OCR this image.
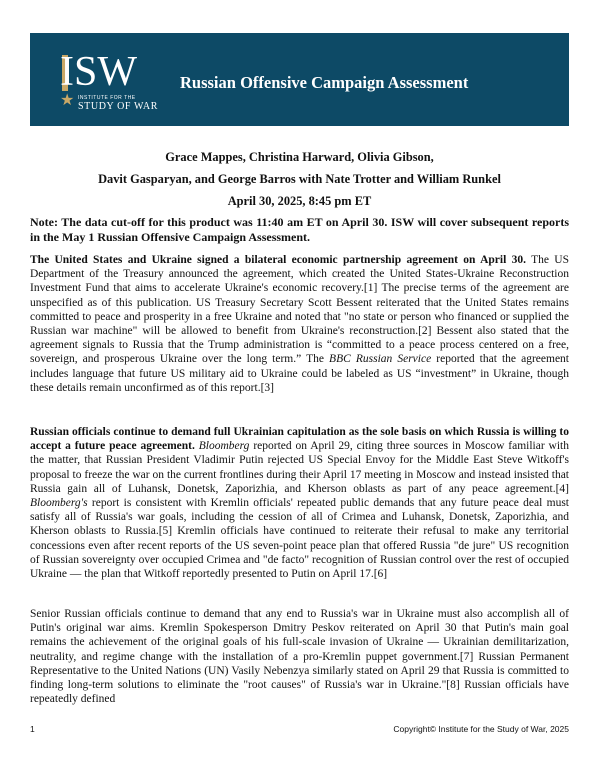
ISW
★ INSTITUTE FOR THE
STUDY OF WAR
Russian Offensive Campaign Assessment
Grace Mappes, Christina Harward, Olivia Gibson,
Davit Gasparyan, and George Barros with Nate Trotter and William Runkel
April 30, 2025, 8:45 pm ET
Note: The data cut-off for this product was 11:40 am ET on April 30. ISW will cover subsequent reports in the May 1 Russian Offensive Campaign Assessment.
The United States and Ukraine signed a bilateral economic partnership agreement on April 30. The US Department of the Treasury announced the agreement, which created the United States-Ukraine Reconstruction Investment Fund that aims to accelerate Ukraine's economic recovery.[1] The precise terms of the agreement are unspecified as of this publication. US Treasury Secretary Scott Bessent reiterated that the United States remains committed to peace and prosperity in a free Ukraine and noted that "no state or person who financed or supplied the Russian war machine" will be allowed to benefit from Ukraine's reconstruction.[2] Bessent also stated that the agreement signals to Russia that the Trump administration is “committed to a peace process centered on a free, sovereign, and prosperous Ukraine over the long term.” The BBC Russian Service reported that the agreement includes language that future US military aid to Ukraine could be labeled as US “investment” in Ukraine, though these details remain unconfirmed as of this report.[3]
Russian officials continue to demand full Ukrainian capitulation as the sole basis on which Russia is willing to accept a future peace agreement. Bloomberg reported on April 29, citing three sources in Moscow familiar with the matter, that Russian President Vladimir Putin rejected US Special Envoy for the Middle East Steve Witkoff's proposal to freeze the war on the current frontlines during their April 17 meeting in Moscow and instead insisted that Russia gain all of Luhansk, Donetsk, Zaporizhia, and Kherson oblasts as part of any peace agreement.[4] Bloomberg's report is consistent with Kremlin officials' repeated public demands that any future peace deal must satisfy all of Russia's war goals, including the cession of all of Crimea and Luhansk, Donetsk, Zaporizhia, and Kherson oblasts to Russia.[5] Kremlin officials have continued to reiterate their refusal to make any territorial concessions even after recent reports of the US seven-point peace plan that offered Russia "de jure" US recognition of Russian sovereignty over occupied Crimea and "de facto" recognition of Russian control over the rest of occupied Ukraine — the plan that Witkoff reportedly presented to Putin on April 17.[6]
Senior Russian officials continue to demand that any end to Russia's war in Ukraine must also accomplish all of Putin's original war aims. Kremlin Spokesperson Dmitry Peskov reiterated on April 30 that Putin's main goal remains the achievement of the original goals of his full-scale invasion of Ukraine — Ukrainian demilitarization, neutrality, and regime change with the installation of a pro-Kremlin puppet government.[7] Russian Permanent Representative to the United Nations (UN) Vasily Nebenzya similarly stated on April 29 that Russia is committed to finding long-term solutions to eliminate the "root causes" of Russia's war in Ukraine."[8] Russian officials have repeatedly defined
1	Copyright© Institute for the Study of War, 2025
